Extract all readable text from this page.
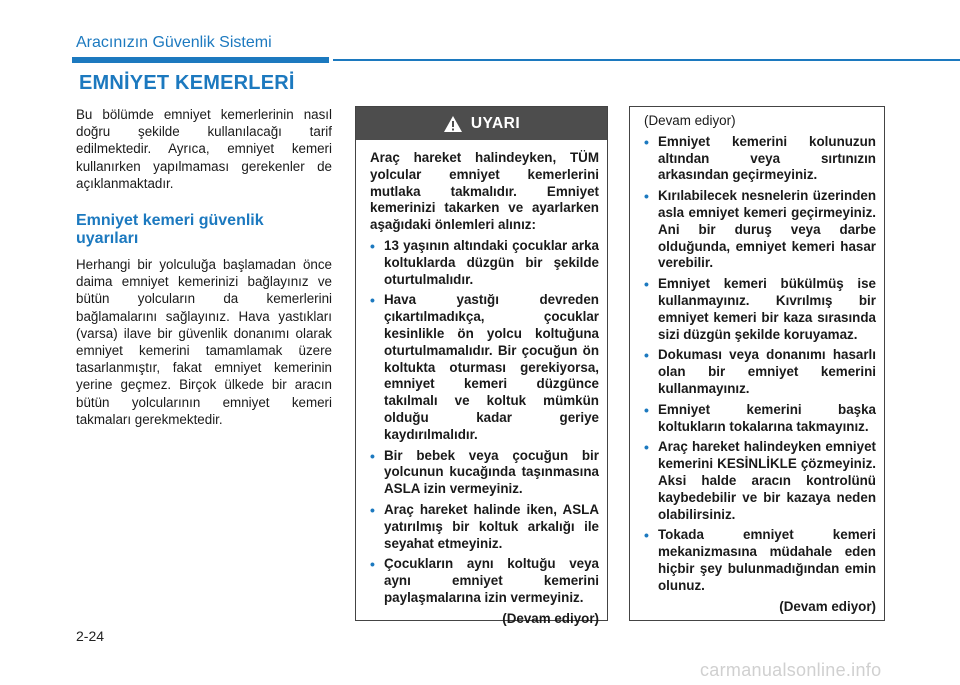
Aracınızın Güvenlik Sistemi
EMNİYET KEMERLERİ

Bu bölümde emniyet kemerlerinin nasıl doğru şekilde kullanılacağı tarif edilmektedir. Ayrıca, emniyet kemeri kullanırken yapılmaması gerekenler de açıklanmaktadır.

Emniyet kemeri güvenlik uyarıları

Herhangi bir yolculuğa başlamadan önce daima emniyet kemerinizi bağlayınız ve bütün yolcuların da kemerlerini bağlamalarını sağlayınız. Hava yastıkları (varsa) ilave bir güvenlik donanımı olarak emniyet kemerini tamamlamak üzere tasarlanmıştır, fakat emniyet kemerinin yerine geçmez. Birçok ülkede bir aracın bütün yolcularının emniyet kemeri takmaları gerekmektedir.

UYARI

Araç hareket halindeyken, TÜM yolcular emniyet kemerlerini mutlaka takmalıdır. Emniyet kemerinizi takarken ve ayarlarken aşağıdaki önlemleri alınız:

• 13 yaşının altındaki çocuklar arka koltuklarda düzgün bir şekilde oturtulmalıdır.
• Hava yastığı devreden çıkartılmadıkça, çocuklar kesinlikle ön yolcu koltuğuna oturtulmamalıdır. Bir çocuğun ön koltukta oturması gerekiyorsa, emniyet kemeri düzgünce takılmalı ve koltuk mümkün olduğu kadar geriye kaydırılmalıdır.
• Bir bebek veya çocuğun bir yolcunun kucağında taşınmasına ASLA izin vermeyiniz.
• Araç hareket halinde iken, ASLA yatırılmış bir koltuk arkalığı ile seyahat etmeyiniz.
• Çocukların aynı koltuğu veya aynı emniyet kemerini paylaşmalarına izin vermeyiniz.
(Devam ediyor)

(Devam ediyor)

• Emniyet kemerini kolunuzun altından veya sırtınızın arkasından geçirmeyiniz.
• Kırılabilecek nesnelerin üzerinden asla emniyet kemeri geçirmeyiniz. Ani bir duruş veya darbe olduğunda, emniyet kemeri hasar verebilir.
• Emniyet kemeri bükülmüş ise kullanmayınız. Kıvrılmış bir emniyet kemeri bir kaza sırasında sizi düzgün şekilde koruyamaz.
• Dokuması veya donanımı hasarlı olan bir emniyet kemerini kullanmayınız.
• Emniyet kemerini başka koltukların tokalarına takmayınız.
• Araç hareket halindeyken emniyet kemerini KESİNLİKLE çözmeyiniz. Aksi halde aracın kontrolünü kaybedebilir ve bir kazaya neden olabilirsiniz.
• Tokada emniyet kemeri mekanizmasına müdahale eden hiçbir şey bulunmadığından emin olunuz.
(Devam ediyor)
2-24
carmanualsonline.info
